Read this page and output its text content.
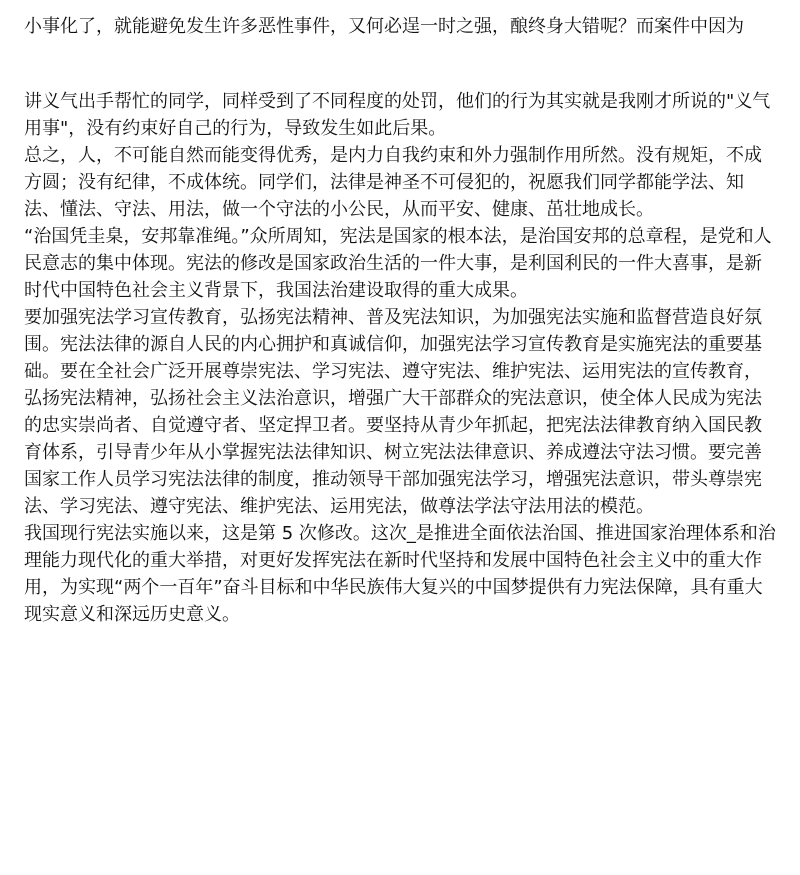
小事化了，就能避免发生许多恶性事件，又何必逞一时之强，酿终身大错呢？而案件中因为

讲义气出手帮忙的同学，同样受到了不同程度的处罚，他们的行为其实就是我刚才所说的"义气用事"，没有约束好自己的行为，导致发生如此后果。

总之，人，不可能自然而能变得优秀，是内力自我约束和外力强制作用所然。没有规矩，不成方圆；没有纪律，不成体统。同学们，法律是神圣不可侵犯的，祝愿我们同学都能学法、知法、懂法、守法、用法，做一个守法的小公民，从而平安、健康、茁壮地成长。

“治国凭圭臬，安邦靠准绳。”众所周知，宪法是国家的根本法，是治国安邦的总章程，是党和人民意志的集中体现。宪法的修改是国家政治生活的一件大事，是利国利民的一件大喜事，是新时代中国特色社会主义背景下，我国法治建设取得的重大成果。

要加强宪法学习宣传教育，弘扬宪法精神、普及宪法知识，为加强宪法实施和监督营造良好氛围。宪法法律的源自人民的内心拥护和真诚信仰，加强宪法学习宣传教育是实施宪法的重要基础。要在全社会广泛开展尊崇宪法、学习宪法、遵守宪法、维护宪法、运用宪法的宣传教育，弘扬宪法精神，弘扬社会主义法治意识，增强广大干部群众的宪法意识，使全体人民成为宪法的忠实崇尚者、自觉遵守者、坚定捍卫者。要坚持从青少年抓起，把宪法法律教育纳入国民教育体系，引导青少年从小掌握宪法法律知识、树立宪法法律意识、养成遵法守法习惯。要完善国家工作人员学习宪法法律的制度，推动领导干部加强宪法学习，增强宪法意识，带头尊崇宪法、学习宪法、遵守宪法、维护宪法、运用宪法，做尊法学法守法用法的模范。

我国现行宪法实施以来，这是第 5 次修改。这次_是推进全面依法治国、推进国家治理体系和治理能力现代化的重大举措，对更好发挥宪法在新时代坚持和发展中国特色社会主义中的重大作用，为实现“两个一百年”奋斗目标和中华民族伟大复兴的中国梦提供有力宪法保障，具有重大现实意义和深远历史意义。
